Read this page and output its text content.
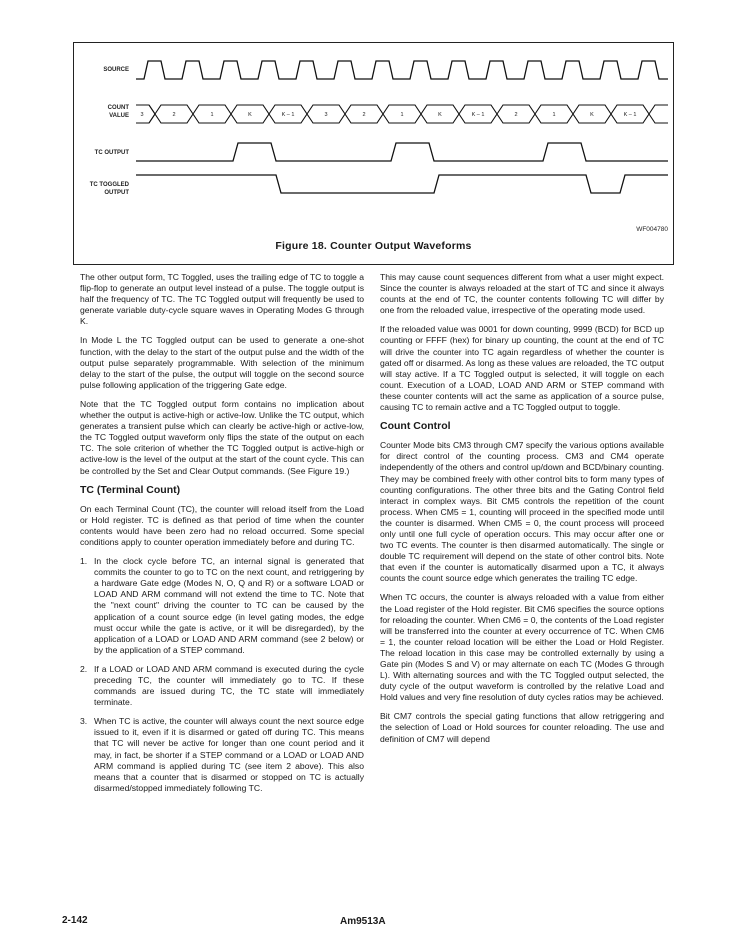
SOURCE
COUNT
VALUE
TC OUTPUT
TC TOGGLED
OUTPUT
3	2	1	K	K – 1	3	2	1	K	K – 1	2	1	K	K – 1
WF004780
Figure 18. Counter Output Waveforms

The other output form, TC Toggled, uses the trailing edge of TC to toggle a flip-flop to generate an output level instead of a pulse. The toggle output is half the frequency of TC. The TC Toggled output will frequently be used to generate variable duty-cycle square waves in Operating Modes G through K.

In Mode L the TC Toggled output can be used to generate a one-shot function, with the delay to the start of the output pulse and the width of the output pulse separately programmable. With selection of the minimum delay to the start of the pulse, the output will toggle on the second source pulse following application of the triggering Gate edge.

Note that the TC Toggled output form contains no implication about whether the output is active-high or active-low. Unlike the TC output, which generates a transient pulse which can clearly be active-high or active-low, the TC Toggled output waveform only flips the state of the output on each TC. The sole criterion of whether the TC Toggled output is active-high or active-low is the level of the output at the start of the count cycle. This can be controlled by the Set and Clear Output commands. (See Figure 19.)

TC (Terminal Count)

On each Terminal Count (TC), the counter will reload itself from the Load or Hold register. TC is defined as that period of time when the counter contents would have been zero had no reload occurred. Some special conditions apply to counter operation immediately before and during TC.

1. In the clock cycle before TC, an internal signal is generated that commits the counter to go to TC on the next count, and retriggering by a hardware Gate edge (Modes N, O, Q and R) or a software LOAD or LOAD AND ARM command will not extend the time to TC. Note that the "next count" driving the counter to TC can be caused by the application of a count source edge (in level gating modes, the edge must occur while the gate is active, or it will be disregarded), by the application of a LOAD or LOAD AND ARM command (see 2 below) or by the application of a STEP command.
2. If a LOAD or LOAD AND ARM command is executed during the cycle preceding TC, the counter will immediately go to TC. If these commands are issued during TC, the TC state will immediately terminate.
3. When TC is active, the counter will always count the next source edge issued to it, even if it is disarmed or gated off during TC. This means that TC will never be active for longer than one count period and it may, in fact, be shorter if a STEP command or a LOAD or LOAD AND ARM command is applied during TC (see item 2 above). This also means that a counter that is disarmed or stopped on TC is actually disarmed/stopped immediately following TC.

This may cause count sequences different from what a user might expect. Since the counter is always reloaded at the start of TC and since it always counts at the end of TC, the counter contents following TC will differ by one from the reloaded value, irrespective of the operating mode used.

If the reloaded value was 0001 for down counting, 9999 (BCD) for BCD up counting or FFFF (hex) for binary up counting, the count at the end of TC will drive the counter into TC again regardless of whether the counter is gated off or disarmed. As long as these values are reloaded, the TC output will stay active. If a TC Toggled output is selected, it will toggle on each count. Execution of a LOAD, LOAD AND ARM or STEP command with these counter contents will act the same as application of a source pulse, causing TC to remain active and a TC Toggled output to toggle.

Count Control

Counter Mode bits CM3 through CM7 specify the various options available for direct control of the counting process. CM3 and CM4 operate independently of the others and control up/down and BCD/binary counting. They may be combined freely with other control bits to form many types of counting configurations. The other three bits and the Gating Control field interact in complex ways. Bit CM5 controls the repetition of the count process. When CM5 = 1, counting will proceed in the specified mode until the counter is disarmed. When CM5 = 0, the count process will proceed only until one full cycle of operation occurs. This may occur after one or two TC events. The counter is then disarmed automatically. The single or double TC requirement will depend on the state of other control bits. Note that even if the counter is automatically disarmed upon a TC, it always counts the count source edge which generates the trailing TC edge.

When TC occurs, the counter is always reloaded with a value from either the Load register of the Hold register. Bit CM6 specifies the source options for reloading the counter. When CM6 = 0, the contents of the Load register will be transferred into the counter at every occurrence of TC. When CM6 = 1, the counter reload location will be either the Load or Hold Register. The reload location in this case may be controlled externally by using a Gate pin (Modes S and V) or may alternate on each TC (Modes G through L). With alternating sources and with the TC Toggled output selected, the duty cycle of the output waveform is controlled by the relative Load and Hold values and very fine resolution of duty cycles ratios may be achieved.

Bit CM7 controls the special gating functions that allow retriggering and the selection of Load or Hold sources for counter reloading. The use and definition of CM7 will depend

2-142	Am9513A
